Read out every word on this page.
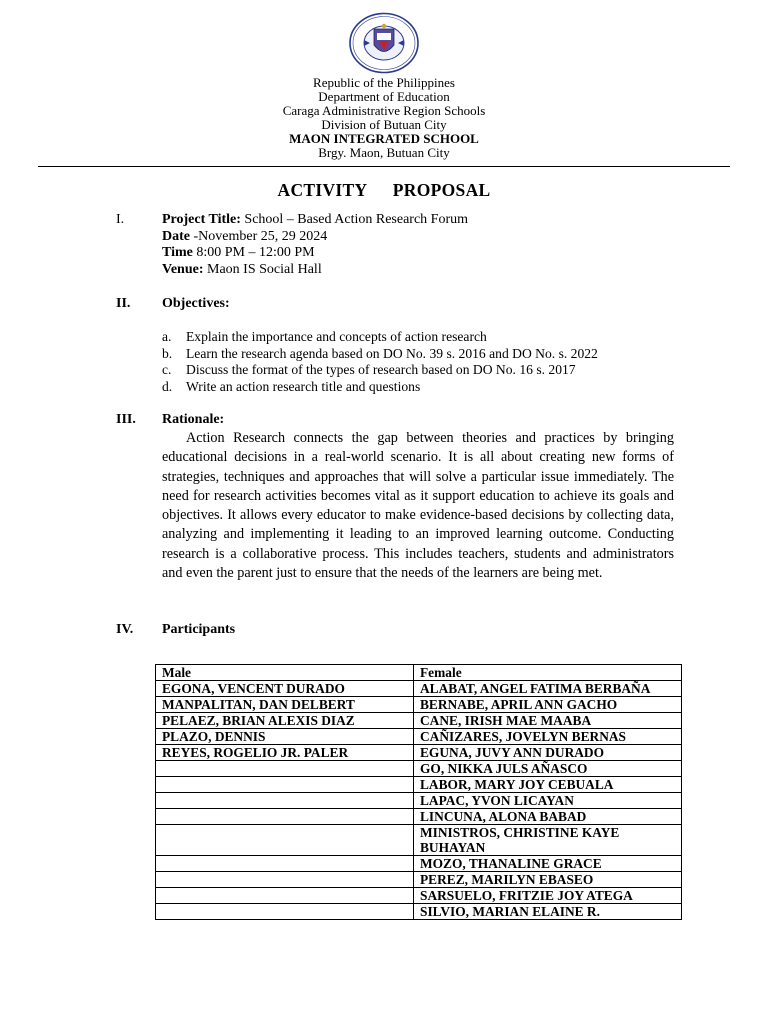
Republic of the Philippines
Department of Education
Caraga Administrative Region Schools
Division of Butuan City
MAON INTEGRATED SCHOOL
Brgy. Maon, Butuan City
ACTIVITY   PROPOSAL
I.	Project Title: School – Based Action Research Forum
Date -November 25, 29 2024
Time 8:00 PM – 12:00 PM
Venue: Maon IS Social Hall
II. Objectives:
a. Explain the importance and concepts of action research
b. Learn the research agenda based on DO No. 39 s. 2016 and DO No. s. 2022
c. Discuss the format of the types of research based on DO No. 16 s. 2017
d. Write an action research title and questions
III. Rationale:

Action Research connects the gap between theories and practices by bringing educational decisions in a real-world scenario. It is all about creating new forms of strategies, techniques and approaches that will solve a particular issue immediately. The need for research activities becomes vital as it support education to achieve its goals and objectives. It allows every educator to make evidence-based decisions by collecting data, analyzing and implementing it leading to an improved learning outcome. Conducting research is a collaborative process. This includes teachers, students and administrators and even the parent just to ensure that the needs of the learners are being met.

IV. Participants
Male	Female
EGONA, VENCENT DURADO	ALABAT, ANGEL FATIMA BERBAÑA
MANPALITAN, DAN DELBERT	BERNABE, APRIL ANN GACHO
PELAEZ, BRIAN ALEXIS DIAZ	CANE, IRISH MAE MAABA
PLAZO, DENNIS	CAÑIZARES, JOVELYN BERNAS
REYES, ROGELIO JR. PALER	EGUNA, JUVY ANN DURADO
	GO, NIKKA JULS AÑASCO
	LABOR, MARY JOY CEBUALA
	LAPAC, YVON LICAYAN
	LINCUNA, ALONA BABAD
	MINISTROS, CHRISTINE KAYE BUHAYAN
	MOZO, THANALINE GRACE
	PEREZ, MARILYN EBASEO
	SARSUELO, FRITZIE JOY ATEGA
	SILVIO, MARIAN ELAINE R.
